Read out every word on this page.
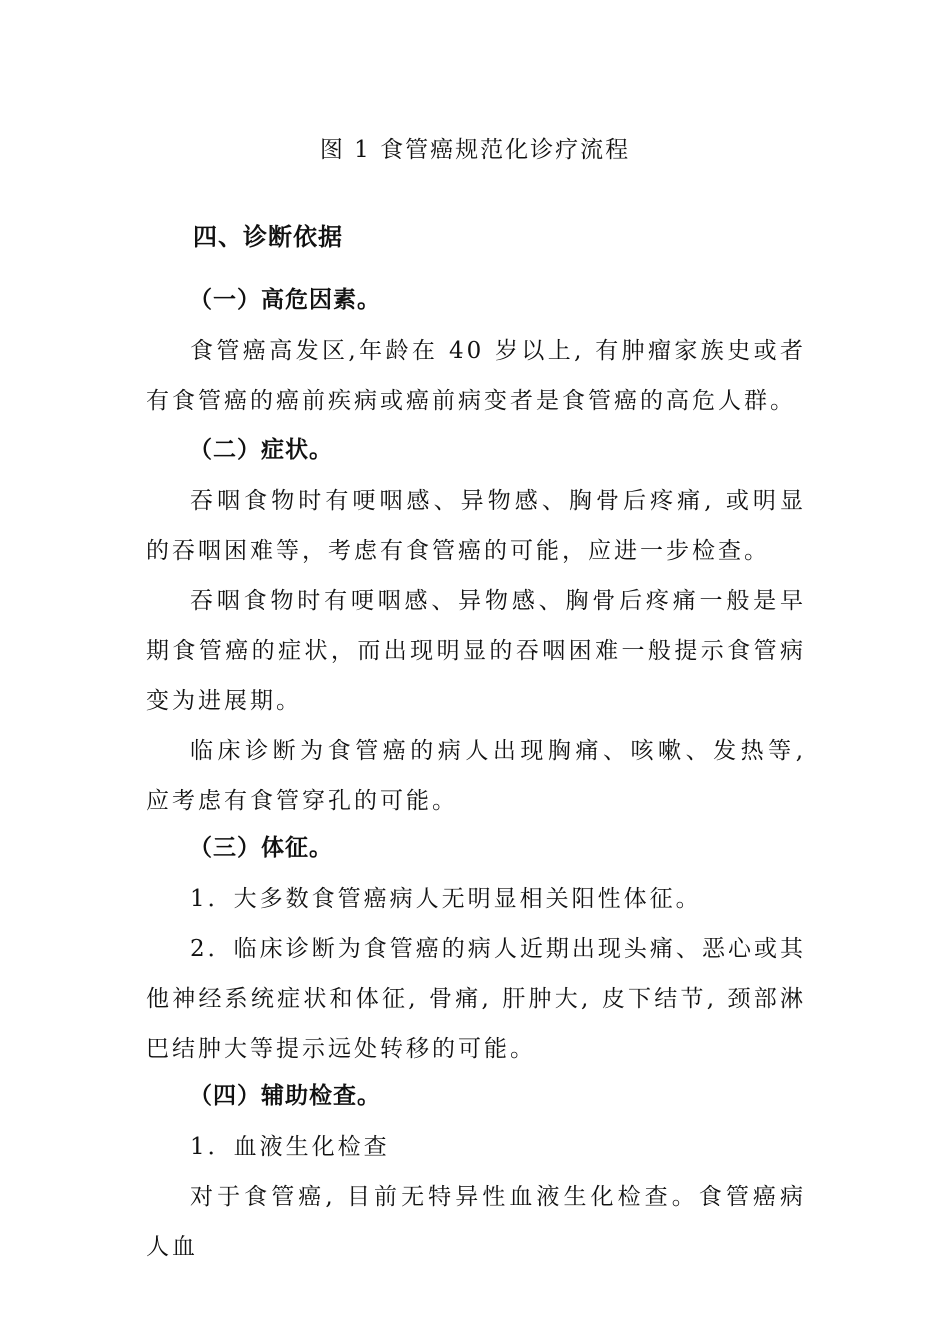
图 1 食管癌规范化诊疗流程
四、诊断依据
（一）高危因素。

食管癌高发区,年龄在 40 岁以上, 有肿瘤家族史或者有食管癌的癌前疾病或癌前病变者是食管癌的高危人群。

（二）症状。

吞咽食物时有哽咽感、异物感、胸骨后疼痛, 或明显的吞咽困难等，考虑有食管癌的可能，应进一步检查。

吞咽食物时有哽咽感、异物感、胸骨后疼痛一般是早期食管癌的症状，而出现明显的吞咽困难一般提示食管病变为进展期。

临床诊断为食管癌的病人出现胸痛、咳嗽、发热等, 应考虑有食管穿孔的可能。

（三）体征。

1．大多数食管癌病人无明显相关阳性体征。

2．临床诊断为食管癌的病人近期出现头痛、恶心或其他神经系统症状和体征, 骨痛, 肝肿大, 皮下结节, 颈部淋巴结肿大等提示远处转移的可能。

（四）辅助检查。

1．血液生化检查

对于食管癌, 目前无特异性血液生化检查。食管癌病人血
